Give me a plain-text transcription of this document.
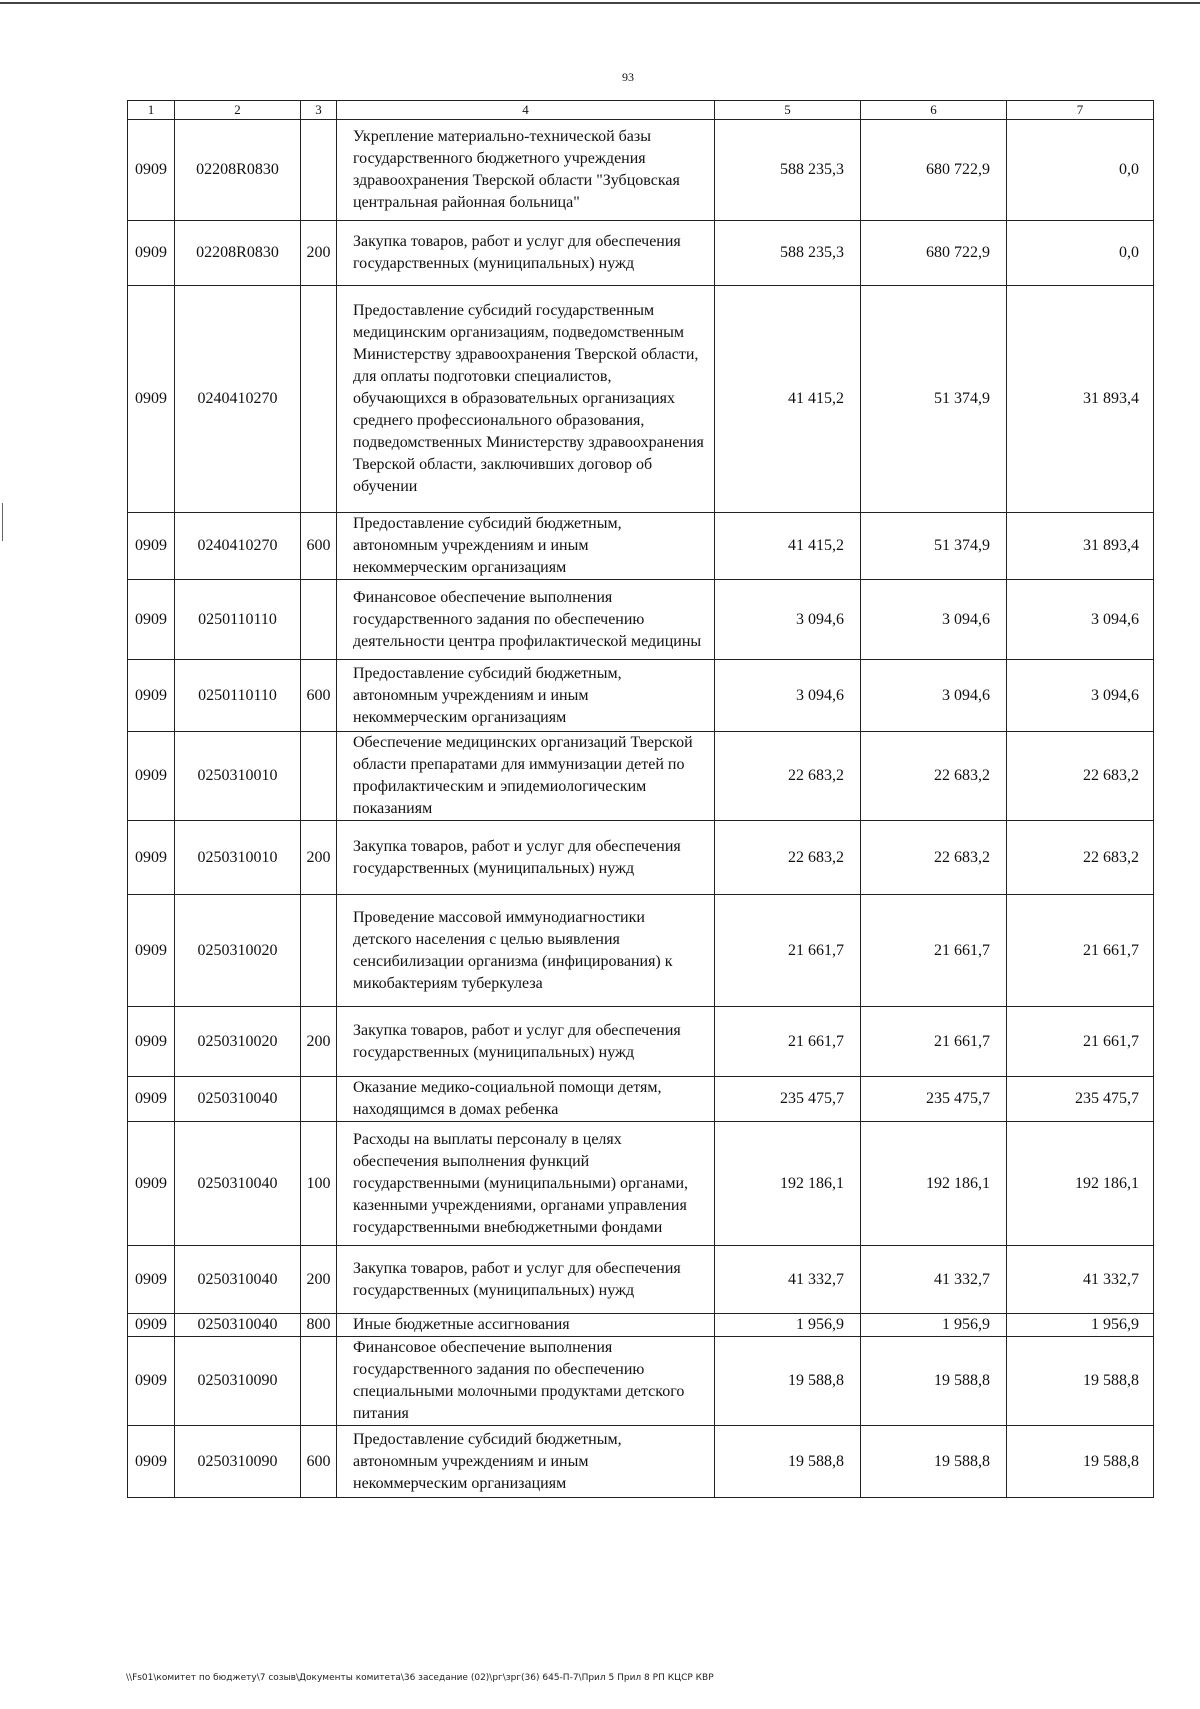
93
1	2	3	4	5	6	7
0909	02208R0830		Укрепление материально-технической базы государственного бюджетного учреждения здравоохранения Тверской области "Зубцовская центральная районная больница"	588 235,3	680 722,9	0,0
0909	02208R0830	200	Закупка товаров, работ и услуг для обеспечения государственных (муниципальных) нужд	588 235,3	680 722,9	0,0
0909	0240410270		Предоставление субсидий государственным медицинским организациям, подведомственным Министерству здравоохранения Тверской области, для оплаты подготовки специалистов, обучающихся в образовательных организациях среднего профессионального образования, подведомственных Министерству здравоохранения Тверской области, заключивших договор об обучении	41 415,2	51 374,9	31 893,4
0909	0240410270	600	Предоставление субсидий бюджетным, автономным учреждениям и иным некоммерческим организациям	41 415,2	51 374,9	31 893,4
0909	0250110110		Финансовое обеспечение выполнения государственного задания по обеспечению деятельности центра профилактической медицины	3 094,6	3 094,6	3 094,6
0909	0250110110	600	Предоставление субсидий бюджетным, автономным учреждениям и иным некоммерческим организациям	3 094,6	3 094,6	3 094,6
0909	0250310010		Обеспечение медицинских организаций Тверской области препаратами для иммунизации детей по профилактическим и эпидемиологическим показаниям	22 683,2	22 683,2	22 683,2
0909	0250310010	200	Закупка товаров, работ и услуг для обеспечения государственных (муниципальных) нужд	22 683,2	22 683,2	22 683,2
0909	0250310020		Проведение массовой иммунодиагностики детского населения с целью выявления сенсибилизации организма (инфицирования) к микобактериям туберкулеза	21 661,7	21 661,7	21 661,7
0909	0250310020	200	Закупка товаров, работ и услуг для обеспечения государственных (муниципальных) нужд	21 661,7	21 661,7	21 661,7
0909	0250310040		Оказание медико-социальной помощи детям, находящимся в домах ребенка	235 475,7	235 475,7	235 475,7
0909	0250310040	100	Расходы на выплаты персоналу в целях обеспечения выполнения функций государственными (муниципальными) органами, казенными учреждениями, органами управления государственными внебюджетными фондами	192 186,1	192 186,1	192 186,1
0909	0250310040	200	Закупка товаров, работ и услуг для обеспечения государственных (муниципальных) нужд	41 332,7	41 332,7	41 332,7
0909	0250310040	800	Иные бюджетные ассигнования	1 956,9	1 956,9	1 956,9
0909	0250310090		Финансовое обеспечение выполнения государственного задания по обеспечению специальными молочными продуктами детского питания	19 588,8	19 588,8	19 588,8
0909	0250310090	600	Предоставление субсидий бюджетным, автономным учреждениям и иным некоммерческим организациям	19 588,8	19 588,8	19 588,8
\\Fs01\комитет по бюджету\7 созыв\Документы комитета\36 заседание (02)\рг\зрг(36) 645-П-7\Прил 5 Прил 8 РП КЦСР КВР
